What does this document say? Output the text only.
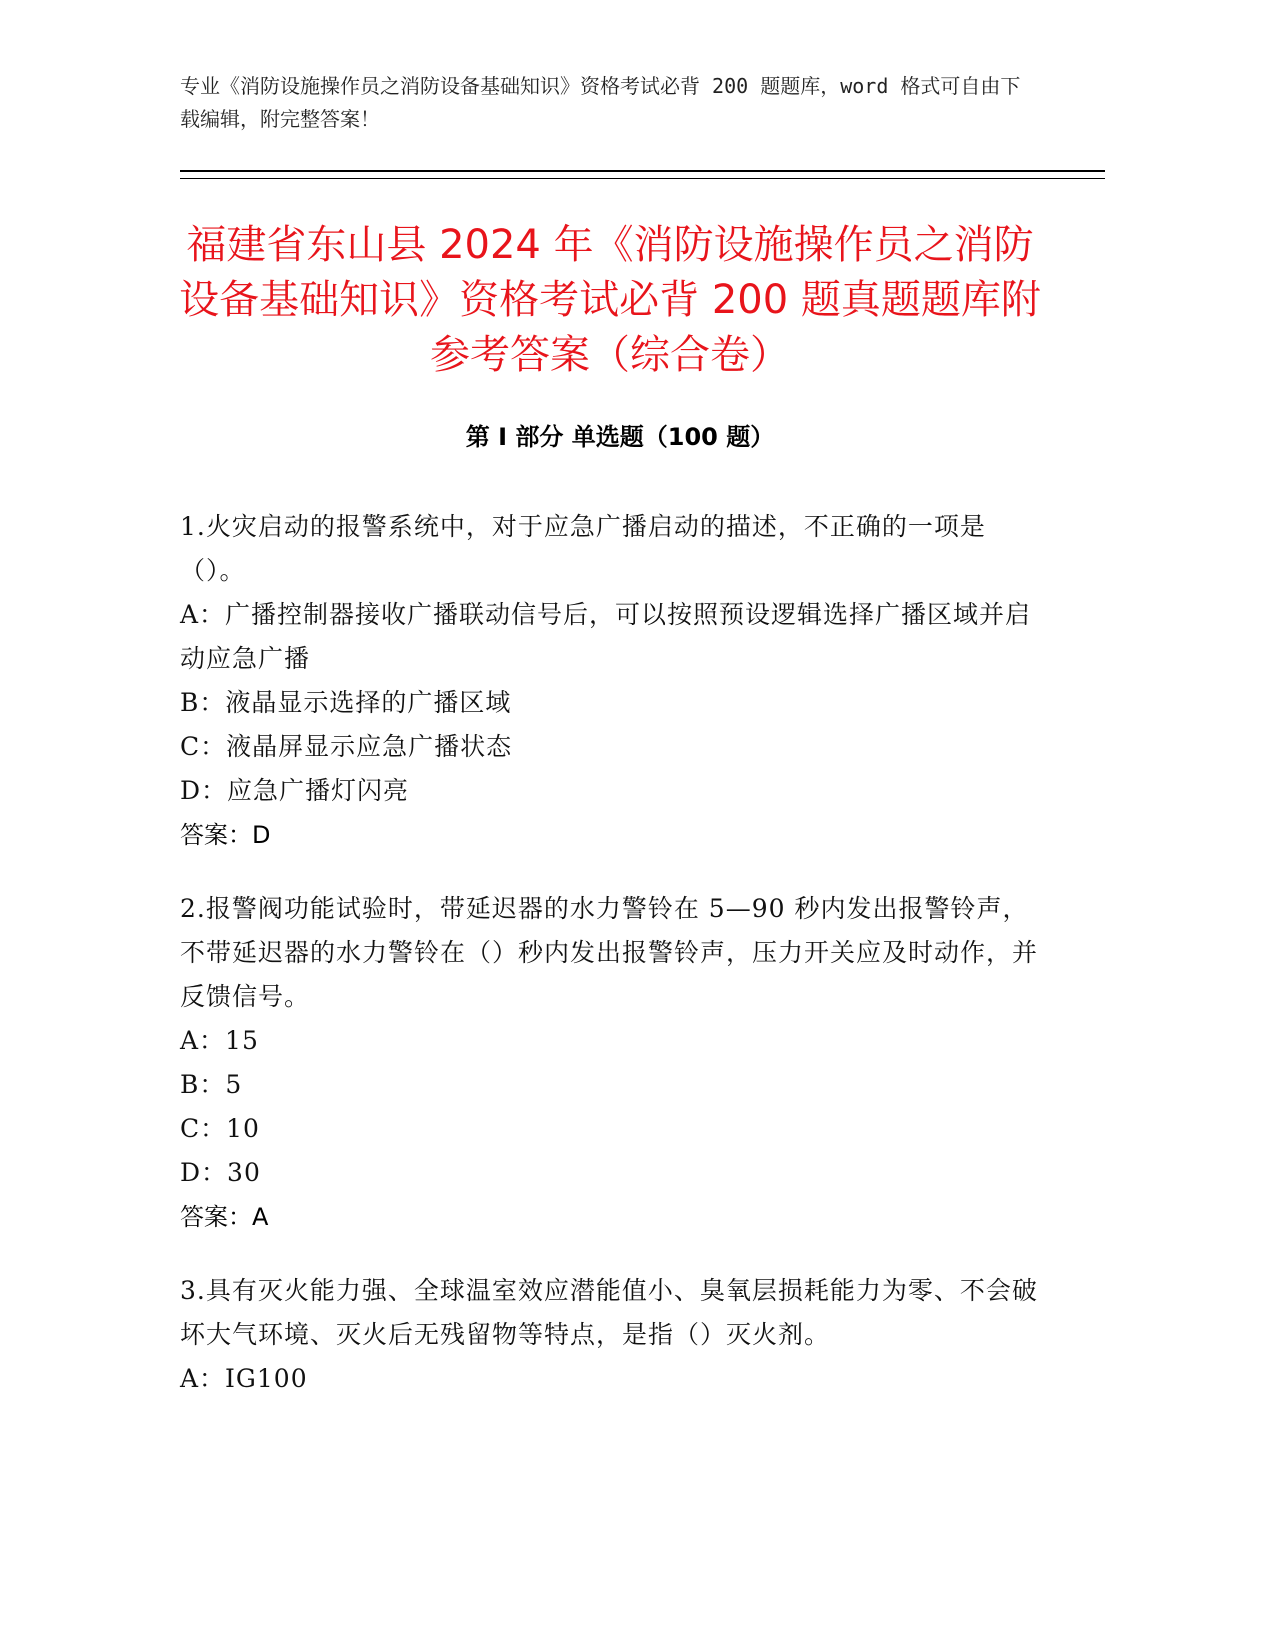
专业《消防设施操作员之消防设备基础知识》资格考试必背 200 题题库，word 格式可自由下载编辑，附完整答案！
福建省东山县 2024 年《消防设施操作员之消防设备基础知识》资格考试必背 200 题真题题库附参考答案（综合卷）
第 I 部分 单选题（100 题）
1.火灾启动的报警系统中，对于应急广播启动的描述，不正确的一项是（）。
A：广播控制器接收广播联动信号后，可以按照预设逻辑选择广播区域并启动应急广播
B：液晶显示选择的广播区域
C：液晶屏显示应急广播状态
D：应急广播灯闪亮
答案：D
2.报警阀功能试验时，带延迟器的水力警铃在 5—90 秒内发出报警铃声，不带延迟器的水力警铃在（）秒内发出报警铃声，压力开关应及时动作，并反馈信号。
A：15
B：5
C：10
D：30
答案：A
3.具有灭火能力强、全球温室效应潜能值小、臭氧层损耗能力为零、不会破坏大气环境、灭火后无残留物等特点，是指（）灭火剂。
A：IG100
